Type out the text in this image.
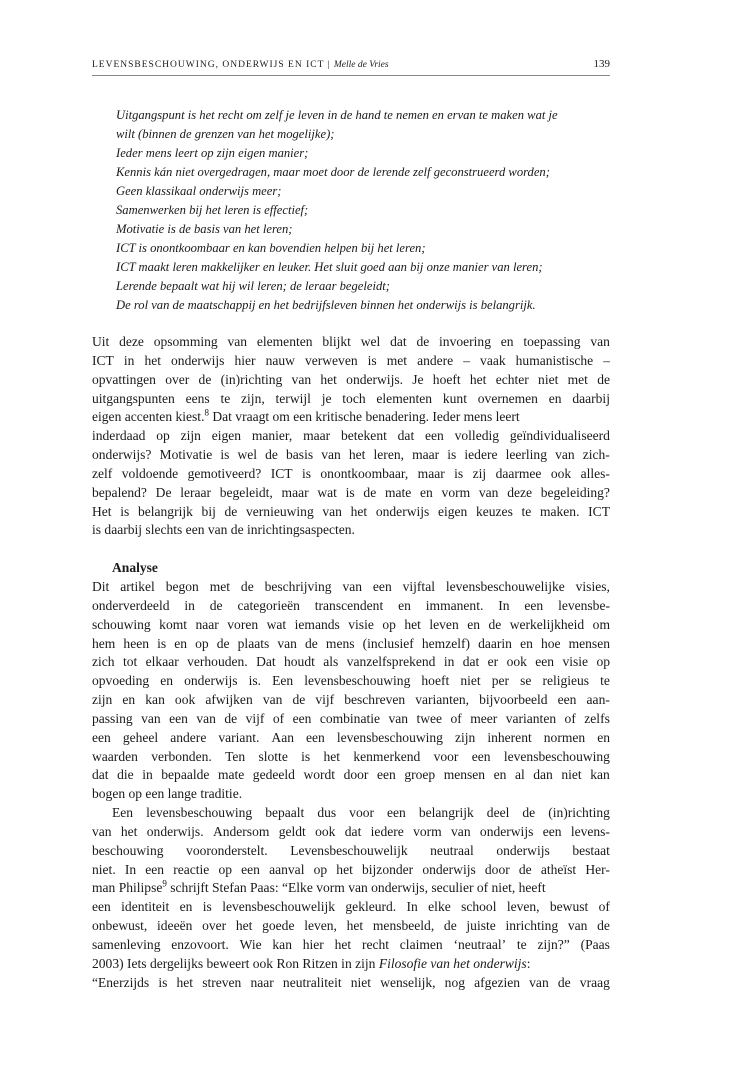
LEVENSBESCHOUWING, ONDERWIJS EN ICT | Melle de Vries	139
Uitgangspunt is het recht om zelf je leven in de hand te nemen en ervan te maken wat je
wilt (binnen de grenzen van het mogelijke);
Ieder mens leert op zijn eigen manier;
Kennis kán niet overgedragen, maar moet door de lerende zelf geconstrueerd worden;
Geen klassikaal onderwijs meer;
Samenwerken bij het leren is effectief;
Motivatie is de basis van het leren;
ICT is onontkoombaar en kan bovendien helpen bij het leren;
ICT maakt leren makkelijker en leuker. Het sluit goed aan bij onze manier van leren;
Lerende bepaalt wat hij wil leren; de leraar begeleidt;
De rol van de maatschappij en het bedrijfsleven binnen het onderwijs is belangrijk.
Uit deze opsomming van elementen blijkt wel dat de invoering en toepassing van
ICT in het onderwijs hier nauw verweven is met andere – vaak humanistische –
opvattingen over de (in)richting van het onderwijs. Je hoeft het echter niet met de
uitgangspunten eens te zijn, terwijl je toch elementen kunt overnemen en daarbij
eigen accenten kiest.$^8$ Dat vraagt om een kritische benadering. Ieder mens leert
inderdaad op zijn eigen manier, maar betekent dat een volledig geïndividualiseerd
onderwijs? Motivatie is wel de basis van het leren, maar is iedere leerling van zich-
zelf voldoende gemotiveerd? ICT is onontkoombaar, maar is zij daarmee ook alles-
bepalend? De leraar begeleidt, maar wat is de mate en vorm van deze begeleiding?
Het is belangrijk bij de vernieuwing van het onderwijs eigen keuzes te maken. ICT
is daarbij slechts een van de inrichtingsaspecten.
Analyse
Dit artikel begon met de beschrijving van een vijftal levensbeschouwelijke visies,
onderverdeeld in de categorieën transcendent en immanent. In een levensbe-
schouwing komt naar voren wat iemands visie op het leven en de werkelijkheid om
hem heen is en op de plaats van de mens (inclusief hemzelf) daarin en hoe mensen
zich tot elkaar verhouden. Dat houdt als vanzelfsprekend in dat er ook een visie op
opvoeding en onderwijs is. Een levensbeschouwing hoeft niet per se religieus te
zijn en kan ook afwijken van de vijf beschreven varianten, bijvoorbeeld een aan-
passing van een van de vijf of een combinatie van twee of meer varianten of zelfs
een geheel andere variant. Aan een levensbeschouwing zijn inherent normen en
waarden verbonden. Ten slotte is het kenmerkend voor een levensbeschouwing
dat die in bepaalde mate gedeeld wordt door een groep mensen en al dan niet kan
bogen op een lange traditie.
Een levensbeschouwing bepaalt dus voor een belangrijk deel de (in)richting
van het onderwijs. Andersom geldt ook dat iedere vorm van onderwijs een levens-
beschouwing vooronderstelt. Levensbeschouwelijk neutraal onderwijs bestaat
niet. In een reactie op een aanval op het bijzonder onderwijs door de atheïst Her-
man Philipse$^9$ schrijft Stefan Paas: “Elke vorm van onderwijs, seculier of niet, heeft
een identiteit en is levensbeschouwelijk gekleurd. In elke school leven, bewust of
onbewust, ideeën over het goede leven, het mensbeeld, de juiste inrichting van de
samenleving enzovoort. Wie kan hier het recht claimen ‘neutraal’ te zijn?” (Paas
2003) Iets dergelijks beweert ook Ron Ritzen in zijn Filosofie van het onderwijs:
“Enerzijds is het streven naar neutraliteit niet wenselijk, nog afgezien van de vraag
